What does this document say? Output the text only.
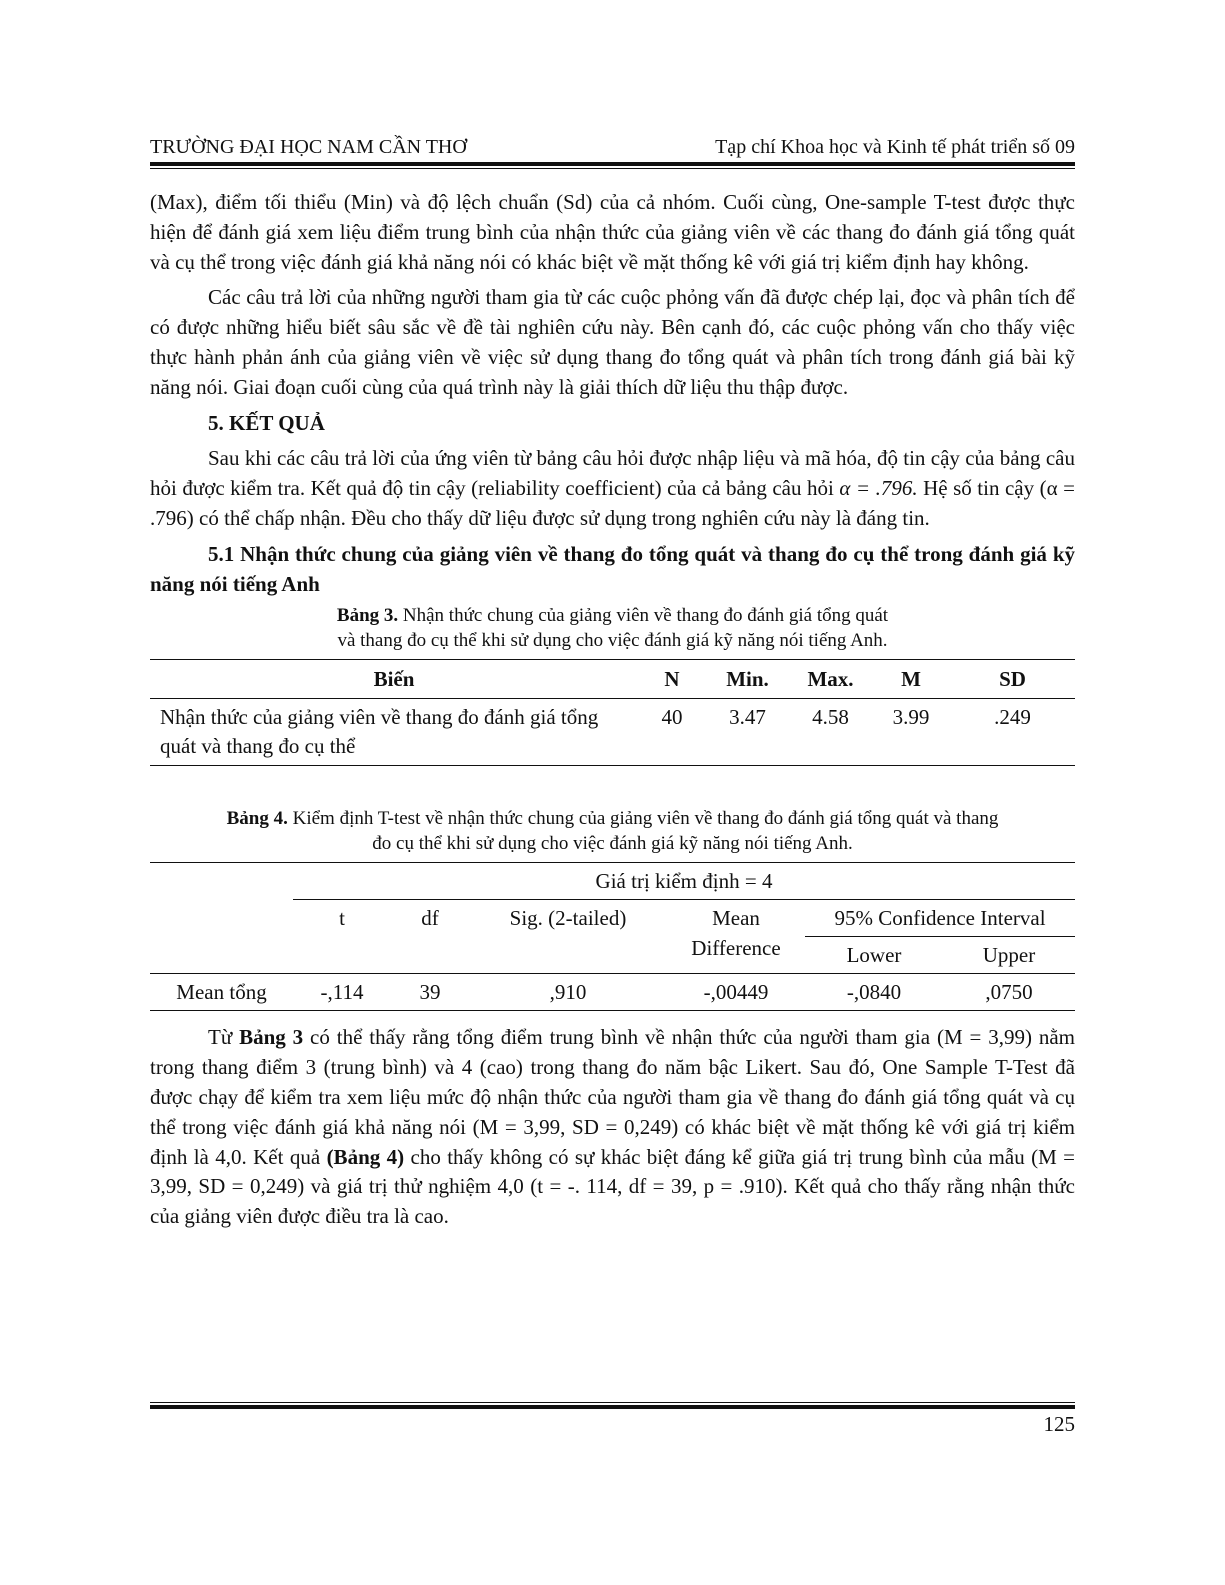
TRƯỜNG ĐẠI HỌC NAM CẦN THƠ	Tạp chí Khoa học và Kinh tế phát triển số 09

(Max), điểm tối thiểu (Min) và độ lệch chuẩn (Sd) của cả nhóm. Cuối cùng, One-sample T-test được thực hiện để đánh giá xem liệu điểm trung bình của nhận thức của giảng viên về các thang đo đánh giá tổng quát và cụ thể trong việc đánh giá khả năng nói có khác biệt về mặt thống kê với giá trị kiểm định hay không.

Các câu trả lời của những người tham gia từ các cuộc phỏng vấn đã được chép lại, đọc và phân tích để có được những hiểu biết sâu sắc về đề tài nghiên cứu này. Bên cạnh đó, các cuộc phỏng vấn cho thấy việc thực hành phản ánh của giảng viên về việc sử dụng thang đo tổng quát và phân tích trong đánh giá bài kỹ năng nói. Giai đoạn cuối cùng của quá trình này là giải thích dữ liệu thu thập được.

5. KẾT QUẢ

Sau khi các câu trả lời của ứng viên từ bảng câu hỏi được nhập liệu và mã hóa, độ tin cậy của bảng câu hỏi được kiểm tra. Kết quả độ tin cậy (reliability coefficient) của cả bảng câu hỏi α = .796. Hệ số tin cậy (α = .796) có thể chấp nhận. Đều cho thấy dữ liệu được sử dụng trong nghiên cứu này là đáng tin.

5.1 Nhận thức chung của giảng viên về thang đo tổng quát và thang đo cụ thể trong đánh giá kỹ năng nói tiếng Anh

Bảng 3. Nhận thức chung của giảng viên về thang đo đánh giá tổng quát
và thang đo cụ thể khi sử dụng cho việc đánh giá kỹ năng nói tiếng Anh.
Biến	N	Min.	Max.	M	SD
Nhận thức của giảng viên về thang đo đánh giá tổng quát và thang đo cụ thể	40	3.47	4.58	3.99	.249
Bảng 4. Kiểm định T-test về nhận thức chung của giảng viên về thang đo đánh giá tổng quát và thang
đo cụ thể khi sử dụng cho việc đánh giá kỹ năng nói tiếng Anh.
	Giá trị kiểm định = 4					
	t	df	Sig. (2-tailed)	Mean Difference	95% Confidence Interval	
					Lower	Upper
Mean tổng	-,114	39	,910	-,00449	-,0840	,0750

Từ Bảng 3 có thể thấy rằng tổng điểm trung bình về nhận thức của người tham gia (M = 3,99) nằm trong thang điểm 3 (trung bình) và 4 (cao) trong thang đo năm bậc Likert. Sau đó, One Sample T-Test đã được chạy để kiểm tra xem liệu mức độ nhận thức của người tham gia về thang đo đánh giá tổng quát và cụ thể trong việc đánh giá khả năng nói (M = 3,99, SD = 0,249) có khác biệt về mặt thống kê với giá trị kiểm định là 4,0. Kết quả (Bảng 4) cho thấy không có sự khác biệt đáng kể giữa giá trị trung bình của mẫu (M = 3,99, SD = 0,249) và giá trị thử nghiệm 4,0 (t = -. 114, df = 39, p = .910). Kết quả cho thấy rằng nhận thức của giảng viên được điều tra là cao.

125
